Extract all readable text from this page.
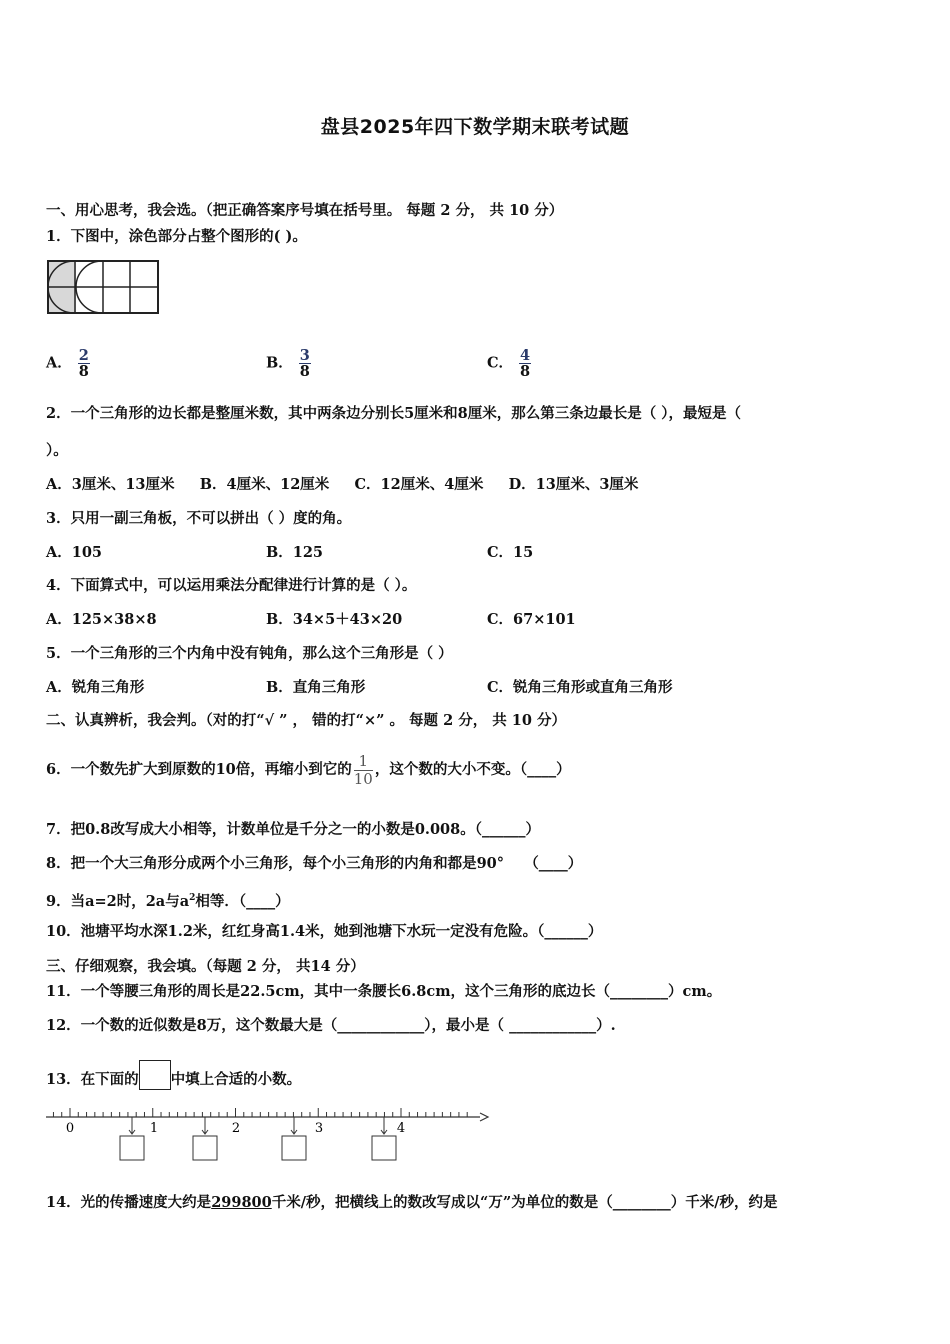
盘县2025年四下数学期末联考试题
一、用心思考，我会选。（把正确答案序号填在括号里。 每题 2 分， 共 10 分）
1．下图中，涂色部分占整个图形的( )。
A． $\frac{2}{8}$	B． $\frac{3}{8}$	C． $\frac{4}{8}$
2．一个三角形的边长都是整厘米数，其中两条边分别长5厘米和8厘米，那么第三条边最长是（ ），最短是（
）。
A．3厘米、13厘米     B．4厘米、12厘米     C．12厘米、4厘米     D．13厘米、3厘米
3．只用一副三角板，不可以拼出（ ）度的角。
A．105	B．125	C．15
4．下面算式中，可以运用乘法分配律进行计算的是（ ）。
A．125×38×8	B．34×5＋43×20	C．67×101
5．一个三角形的三个内角中没有钝角，那么这个三角形是（ ）
A．锐角三角形	B．直角三角形	C．锐角三角形或直角三角形
二、认真辨析，我会判。（对的打“√ ” ， 错的打“×” 。 每题 2 分， 共 10 分）
6．一个数先扩大到原数的10倍，再缩小到它的 $\frac{1}{10}$ ，这个数的大小不变。（____）
7．把0.8改写成大小相等，计数单位是千分之一的小数是0.008。（______）
8．把一个大三角形分成两个小三角形，每个小三角形的内角和都是90°    （____）
9．当a=2时，2a与$a^2$相等．（____）
10．池塘平均水深1.2米，红红身高1.4米，她到池塘下水玩一定没有危险。（______）
三、仔细观察，我会填。（每题 2 分， 共14 分）
11．一个等腰三角形的周长是22.5cm，其中一条腰长6.8cm，这个三角形的底边长（________）cm。
12．一个数的近似数是8万，这个数最大是（____________），最小是（ ____________）.
13．在下面的 中填上合适的小数。
0	1	2	3	4
14．光的传播速度大约是299800千米/秒，把横线上的数改写成以“万”为单位的数是（________）千米/秒，约是
